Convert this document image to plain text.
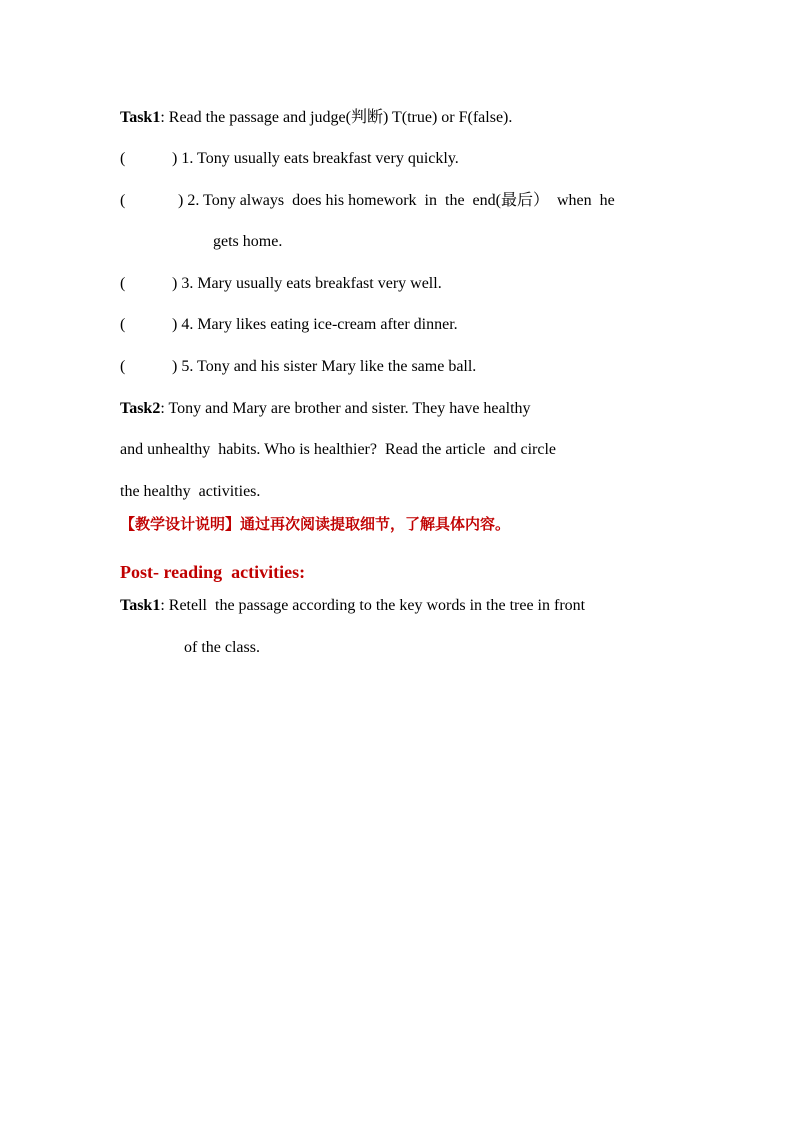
Task1: Read the passage and judge(判断) T(true) or F(false).
(	) 1. Tony usually eats breakfast very quickly.
(	) 2. Tony always  does his homework  in  the  end(最后）  when  he
gets home.
(	) 3. Mary usually eats breakfast very well.
(	) 4. Mary likes eating ice-cream after dinner.
(	) 5. Tony and his sister Mary like the same ball.
Task2: Tony and Mary are brother and sister. They have healthy
and unhealthy  habits. Who is healthier?  Read the article  and circle
the healthy  activities.
【教学设计说明】通过再次阅读提取细节，了解具体内容。
Post- reading  activities:
Task1: Retell  the passage according to the key words in the tree in front
of the class.
